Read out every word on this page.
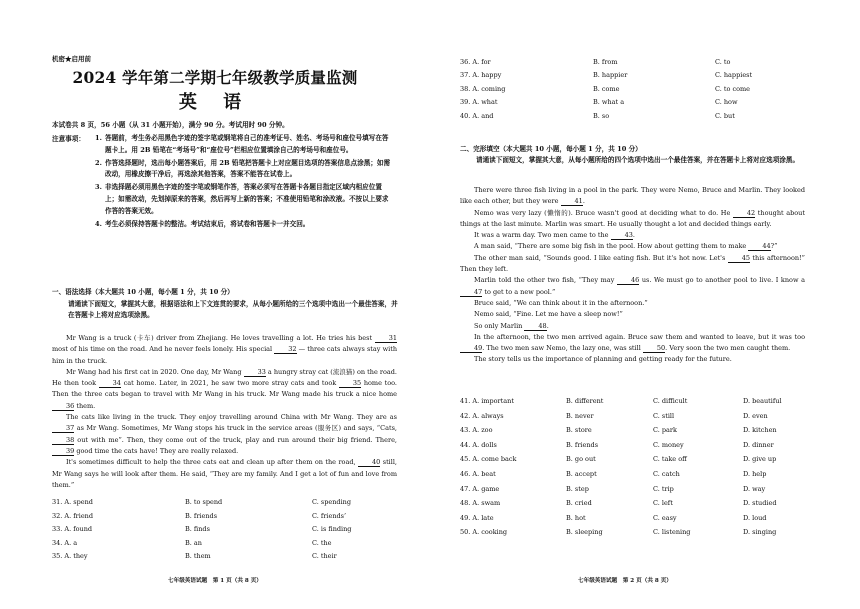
机密★启用前
2024 学年第二学期七年级教学质量监测
英 语
本试卷共 8 页，56 小题（从 31 小题开始），满分 90 分。考试用时 90 分钟。
注意事项： 1. 答题前，考生务必用黑色字迹的签字笔或钢笔将自己的准考证号、姓名、考场号和座位号填写在答题卡上。用 2B 铅笔在“考场号”和“座位号”栏相应位置填涂自己的考场号和座位号。
2. 作答选择题时，选出每小题答案后，用 2B 铅笔把答题卡上对应题目选项的答案信息点涂黑；如需改动，用橡皮擦干净后，再选涂其他答案，答案不能答在试卷上。
3. 非选择题必须用黑色字迹的签字笔或钢笔作答，答案必须写在答题卡各题目指定区域内相应位置上；如需改动，先划掉原来的答案，然后再写上新的答案；不准使用铅笔和涂改液。不按以上要求作答的答案无效。
4. 考生必须保持答题卡的整洁。考试结束后，将试卷和答题卡一并交回。
一、语法选择（本大题共 10 小题，每小题 1 分，共 10 分）
请通读下面短文，掌握其大意，根据语法和上下文连贯的要求，从每小题所给的三个选项中选出一个最佳答案，并在答题卡上将对应选项涂黑。

Mr Wang is a truck (卡车) driver from Zhejiang. He loves travelling a lot. He tries his best 31 most of his time on the road. And he never feels lonely. His special 32 — three cats always stay with him in the truck.

Mr Wang had his first cat in 2020. One day, Mr Wang 33 a hungry stray cat (流浪猫) on the road. He then took 34 cat home. Later, in 2021, he saw two more stray cats and took 35 home too. Then the three cats began to travel with Mr Wang in his truck. Mr Wang made his truck a nice home 36 them.

The cats like living in the truck. They enjoy travelling around China with Mr Wang. They are as 37 as Mr Wang. Sometimes, Mr Wang stops his truck in the service areas (服务区) and says, “Cats, 38 out with me”. Then, they come out of the truck, play and run around their big friend. There, 39 good time the cats have! They are really relaxed.

It's sometimes difficult to help the three cats eat and clean up after them on the road, 40 still, Mr Wang says he will look after them. He said, “They are my family. And I get a lot of fun and love from them.”

31. A. spend	B. to spend	C. spending
32. A. friend	B. friends	C. friends’
33. A. found	B. finds	C. is finding
34. A. a	B. an	C. the
35. A. they	B. them	C. their
七年级英语试题　第 1 页（共 8 页）
36. A. for	B. from	C. to
37. A. happy	B. happier	C. happiest
38. A. coming	B. come	C. to come
39. A. what	B. what a	C. how
40. A. and	B. so	C. but
二、完形填空（本大题共 10 小题，每小题 1 分，共 10 分）
请通读下面短文，掌握其大意，从每小题所给的四个选项中选出一个最佳答案，并在答题卡上将对应选项涂黑。

There were three fish living in a pool in the park. They were Nemo, Bruce and Marlin. They looked like each other, but they were 41.

Nemo was very lazy (懒惰的). Bruce wasn't good at deciding what to do. He 42 thought about things at the last minute. Marlin was smart. He usually thought a lot and decided things early.

It was a warm day. Two men came to the 43.

A man said, “There are some big fish in the pool. How about getting them to make 44?”

The other man said, “Sounds good. I like eating fish. But it's hot now. Let's 45 this afternoon!” Then they left.

Marlin told the other two fish, “They may 46 us. We must go to another pool to live. I know a 47 to get to a new pool.”

Bruce said, “We can think about it in the afternoon.”

Nemo said, “Fine. Let me have a sleep now!”

So only Marlin 48.

In the afternoon, the two men arrived again. Bruce saw them and wanted to leave, but it was too 49. The two men saw Nemo, the lazy one, was still 50. Very soon the two men caught them.

The story tells us the importance of planning and getting ready for the future.

41. A. important	B. different	C. difficult	D. beautiful
42. A. always	B. never	C. still	D. even
43. A. zoo	B. store	C. park	D. kitchen
44. A. dolls	B. friends	C. money	D. dinner
45. A. come back	B. go out	C. take off	D. give up
46. A. beat	B. accept	C. catch	D. help
47. A. game	B. step	C. trip	D. way
48. A. swam	B. cried	C. left	D. studied
49. A. late	B. hot	C. easy	D. loud
50. A. cooking	B. sleeping	C. listening	D. singing
七年级英语试题　第 2 页（共 8 页）
